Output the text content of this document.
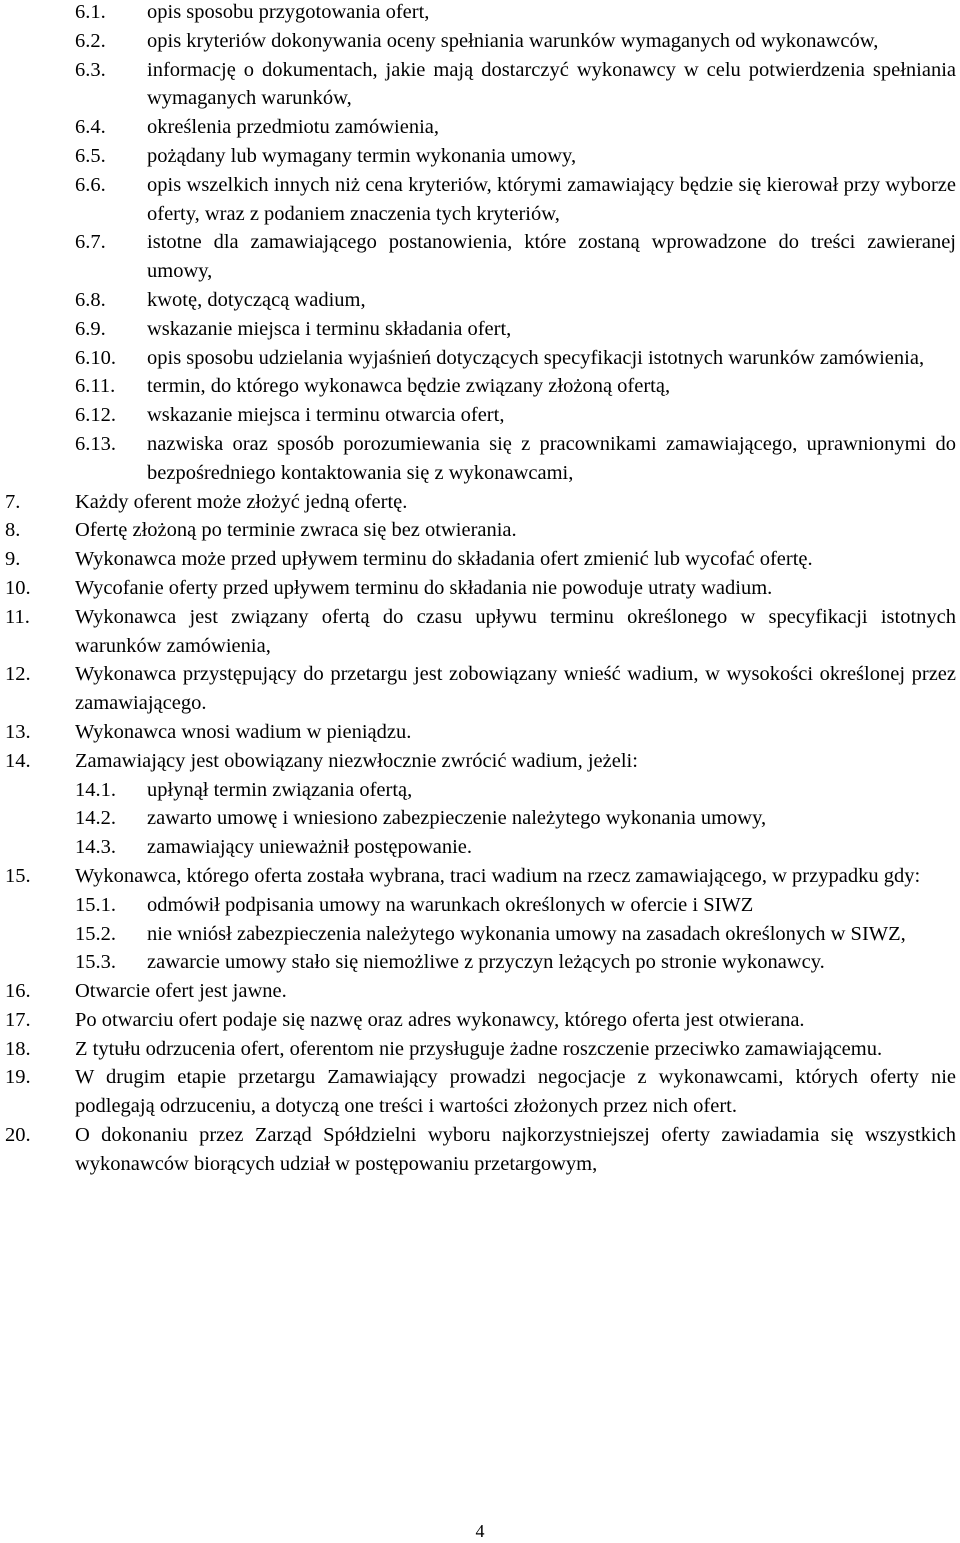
6.1. opis sposobu przygotowania ofert,
6.2. opis kryteriów dokonywania oceny spełniania warunków wymaganych od wykonawców,
6.3. informację o dokumentach, jakie mają dostarczyć wykonawcy w celu potwierdzenia spełniania wymaganych warunków,
6.4. określenia przedmiotu zamówienia,
6.5. pożądany lub wymagany termin wykonania umowy,
6.6. opis wszelkich innych niż cena kryteriów, którymi zamawiający będzie się kierował przy wyborze oferty, wraz z podaniem znaczenia tych kryteriów,
6.7. istotne dla zamawiającego postanowienia, które zostaną wprowadzone do treści zawieranej umowy,
6.8. kwotę, dotyczącą wadium,
6.9. wskazanie miejsca i terminu składania ofert,
6.10. opis sposobu udzielania wyjaśnień dotyczących specyfikacji istotnych warunków zamówienia,
6.11. termin, do którego wykonawca będzie związany złożoną ofertą,
6.12. wskazanie miejsca i terminu otwarcia ofert,
6.13. nazwiska oraz sposób porozumiewania się z pracownikami zamawiającego, uprawnionymi do bezpośredniego kontaktowania się z wykonawcami,
7.	Każdy oferent może złożyć jedną ofertę.
8.	Ofertę złożoną po terminie zwraca się bez otwierania.
9.	Wykonawca może przed upływem terminu do składania ofert zmienić lub wycofać ofertę.
10. Wycofanie oferty przed upływem terminu do składania nie powoduje utraty wadium.
11. Wykonawca jest związany ofertą do czasu upływu terminu określonego w specyfikacji istotnych warunków zamówienia,
12. Wykonawca przystępujący do przetargu jest zobowiązany wnieść wadium, w wysokości określonej przez zamawiającego.
13. Wykonawca wnosi wadium w pieniądzu.
14. Zamawiający jest obowiązany niezwłocznie zwrócić wadium, jeżeli:
14.1. upłynął termin związania ofertą,
14.2. zawarto umowę i wniesiono zabezpieczenie należytego wykonania umowy,
14.3. zamawiający unieważnił postępowanie.
15. Wykonawca, którego oferta została wybrana, traci wadium na rzecz zamawiającego, w przypadku gdy:
15.1. odmówił podpisania umowy na warunkach określonych w ofercie i SIWZ
15.2. nie wniósł zabezpieczenia należytego wykonania umowy na zasadach określonych w SIWZ,
15.3. zawarcie umowy stało się niemożliwe z przyczyn leżących po stronie wykonawcy.
16. Otwarcie ofert jest jawne.
17. Po otwarciu ofert podaje się nazwę oraz adres wykonawcy, którego oferta jest otwierana.
18. Z tytułu odrzucenia ofert, oferentom nie przysługuje żadne roszczenie przeciwko zamawiającemu.
19. W drugim etapie przetargu Zamawiający prowadzi negocjacje z wykonawcami, których oferty nie podlegają odrzuceniu, a dotyczą one treści i wartości złożonych przez nich ofert.
20. O dokonaniu przez Zarząd Spółdzielni wyboru najkorzystniejszej oferty zawiadamia się wszystkich wykonawców biorących udział w postępowaniu przetargowym,
4
